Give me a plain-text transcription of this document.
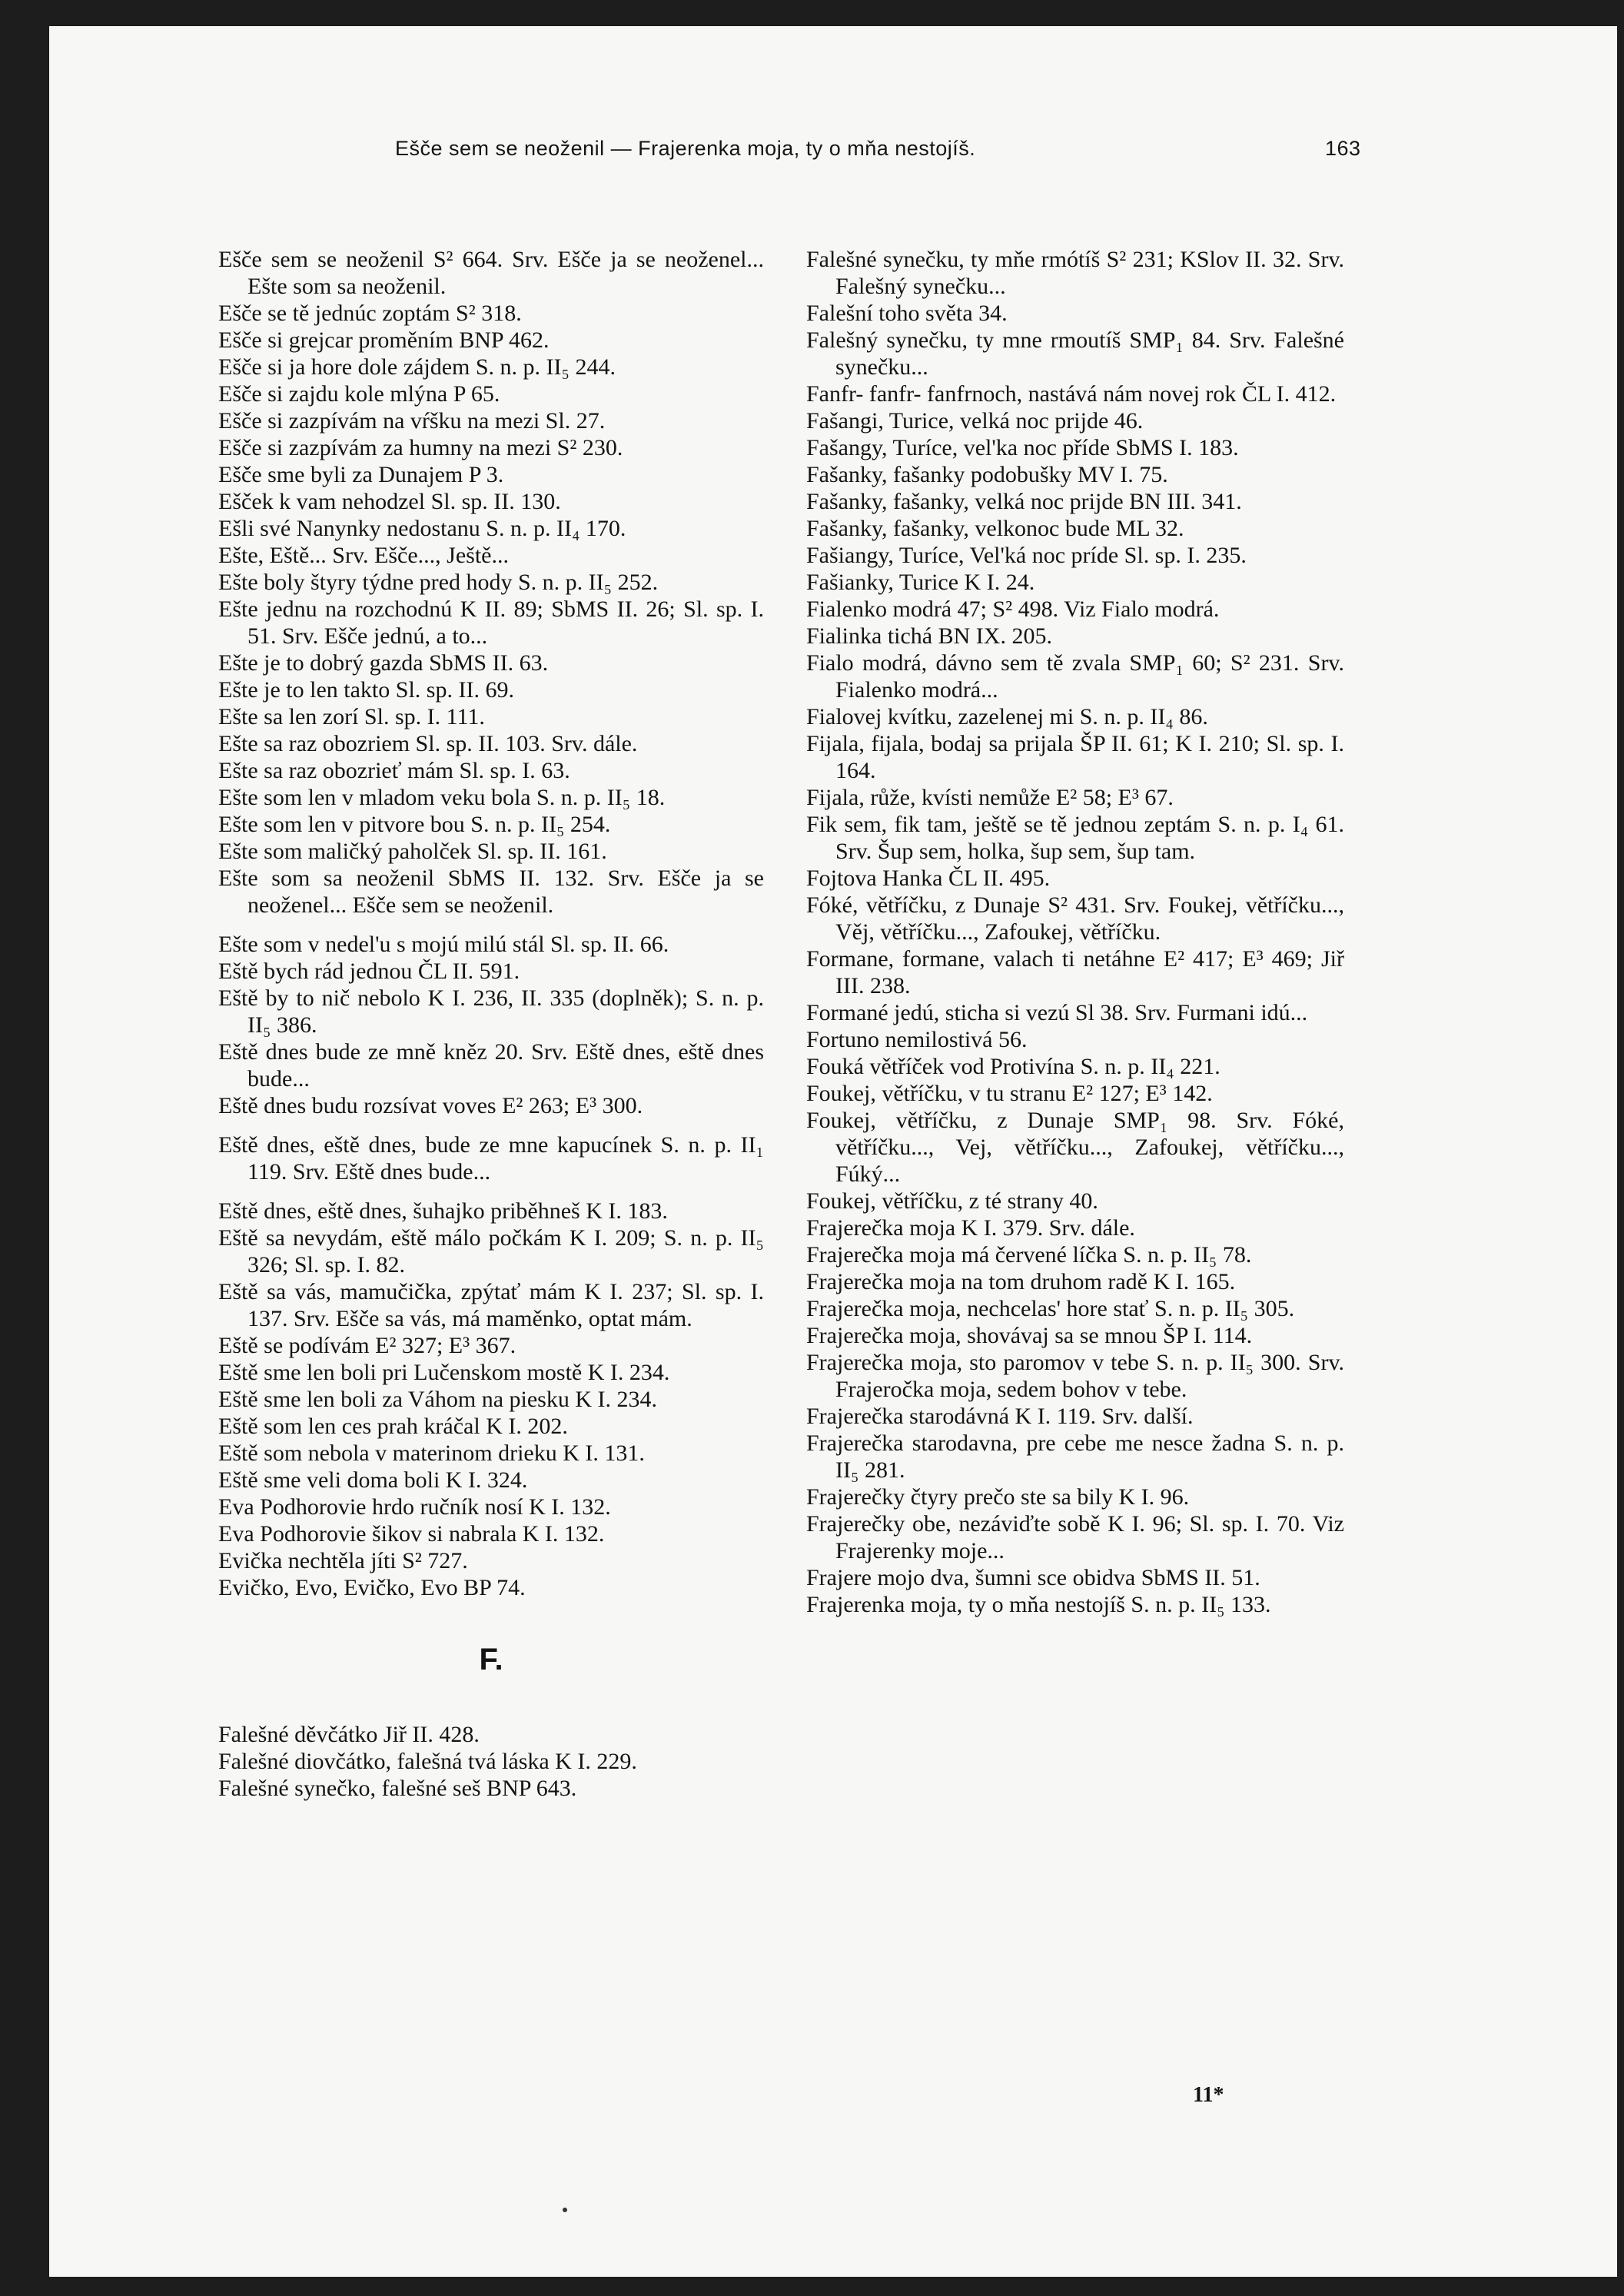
Ešče sem se neoženil — Frajerenka moja, ty o mňa nestojíš.	163

Ešče sem se neoženil S² 664. Srv. Ešče ja se neoženel... Ešte som sa neoženil.

Ešče se tě jednúc zoptám S² 318.

Ešče si grejcar proměním BNP 462.

Ešče si ja hore dole zájdem S. n. p. II₅ 244.

Ešče si zajdu kole mlýna P 65.

Ešče si zazpívám na vŕšku na mezi Sl. 27.

Ešče si zazpívám za humny na mezi S² 230.

Ešče sme byli za Dunajem P 3.

Ešček k vam nehodzel Sl. sp. II. 130.

Ešli své Nanynky nedostanu S. n. p. II₄ 170.

Ešte, Eště... Srv. Ešče..., Ještě...

Ešte boly štyry týdne pred hody S. n. p. II₅ 252.

Ešte jednu na rozchodnú K II. 89; SbMS II. 26; Sl. sp. I. 51. Srv. Ešče jednú, a to...

Ešte je to dobrý gazda SbMS II. 63.

Ešte je to len takto Sl. sp. II. 69.

Ešte sa len zorí Sl. sp. I. 111.

Ešte sa raz obozriem Sl. sp. II. 103. Srv. dále.

Ešte sa raz obozrieť mám Sl. sp. I. 63.

Ešte som len v mladom veku bola S. n. p. II₅ 18.

Ešte som len v pitvore bou S. n. p. II₅ 254.

Ešte som maličký paholček Sl. sp. II. 161.

Ešte som sa neoženil SbMS II. 132. Srv. Ešče ja se neoženel... Ešče sem se neoženil.

Ešte som v nedel'u s mojú milú stál Sl. sp. II. 66.

Eště bych rád jednou ČL II. 591.

Eště by to nič nebolo K I. 236, II. 335 (doplněk); S. n. p. II₅ 386.

Eště dnes bude ze mně kněz 20. Srv. Eště dnes, eště dnes bude...

Eště dnes budu rozsívat voves E² 263; E³ 300.

Eště dnes, eště dnes, bude ze mne kapucínek S. n. p. II₁ 119. Srv. Eště dnes bude...

Eště dnes, eště dnes, šuhajko priběhneš K I. 183.

Eště sa nevydám, eště málo počkám K I. 209; S. n. p. II₅ 326; Sl. sp. I. 82.

Eště sa vás, mamučička, zpýtať mám K I. 237; Sl. sp. I. 137. Srv. Ešče sa vás, má maměnko, optat mám.

Eště se podívám E² 327; E³ 367.

Eště sme len boli pri Lučenskom mostě K I. 234.

Eště sme len boli za Váhom na piesku K I. 234.

Eště som len ces prah kráčal K I. 202.

Eště som nebola v materinom drieku K I. 131.

Eště sme veli doma boli K I. 324.

Eva Podhorovie hrdo ručník nosí K I. 132.

Eva Podhorovie šikov si nabrala K I. 132.

Evička nechtěla jíti S² 727.

Evičko, Evo, Evičko, Evo BP 74.

F.

Falešné děvčátko Jiř II. 428.

Falešné diovčátko, falešná tvá láska K I. 229.

Falešné synečko, falešné seš BNP 643.

Falešné synečku, ty mňe rmótíš S² 231; KSlov II. 32. Srv. Falešný synečku...

Falešní toho světa 34.

Falešný synečku, ty mne rmoutíš SMP₁ 84. Srv. Falešné synečku...

Fanfr- fanfr- fanfrnoch, nastává nám novej rok ČL I. 412.

Fašangi, Turice, velká noc prijde 46.

Fašangy, Turíce, vel'ka noc příde SbMS I. 183.

Fašanky, fašanky podobušky MV I. 75.

Fašanky, fašanky, velká noc prijde BN III. 341.

Fašanky, fašanky, velkonoc bude ML 32.

Fašiangy, Turíce, Vel'ká noc príde Sl. sp. I. 235.

Fašianky, Turice K I. 24.

Fialenko modrá 47; S² 498. Viz Fialo modrá.

Fialinka tichá BN IX. 205.

Fialo modrá, dávno sem tě zvala SMP₁ 60; S² 231. Srv. Fialenko modrá...

Fialovej kvítku, zazelenej mi S. n. p. II₄ 86.

Fijala, fijala, bodaj sa prijala ŠP II. 61; K I. 210; Sl. sp. I. 164.

Fijala, růže, kvísti nemůže E² 58; E³ 67.

Fik sem, fik tam, ještě se tě jednou zeptám S. n. p. I₄ 61. Srv. Šup sem, holka, šup sem, šup tam.

Fojtova Hanka ČL II. 495.

Fóké, větříčku, z Dunaje S² 431. Srv. Foukej, větříčku..., Věj, větříčku..., Zafoukej, větříčku.

Formane, formane, valach ti netáhne E² 417; E³ 469; Jiř III. 238.

Formané jedú, sticha si vezú Sl 38. Srv. Furmani idú...

Fortuno nemilostivá 56.

Fouká větříček vod Protivína S. n. p. II₄ 221.

Foukej, větříčku, v tu stranu E² 127; E³ 142.

Foukej, větříčku, z Dunaje SMP₁ 98. Srv. Fóké, větříčku..., Vej, větříčku..., Zafoukej, větříčku..., Fúký...

Foukej, větříčku, z té strany 40.

Frajerečka moja K I. 379. Srv. dále.

Frajerečka moja má červené líčka S. n. p. II₅ 78.

Frajerečka moja na tom druhom radě K I. 165.

Frajerečka moja, nechcelas' hore stať S. n. p. II₅ 305.

Frajerečka moja, shovávaj sa se mnou ŠP I. 114.

Frajerečka moja, sto paromov v tebe S. n. p. II₅ 300. Srv. Frajeročka moja, sedem bohov v tebe.

Frajerečka starodávná K I. 119. Srv. další.

Frajerečka starodavna, pre cebe me nesce žadna S. n. p. II₅ 281.

Frajerečky čtyry prečo ste sa bily K I. 96.

Frajerečky obe, nezáviďte sobě K I. 96; Sl. sp. I. 70. Viz Frajerenky moje...

Frajere mojo dva, šumni sce obidva SbMS II. 51.

Frajerenka moja, ty o mňa nestojíš S. n. p. II₅ 133.

11*
